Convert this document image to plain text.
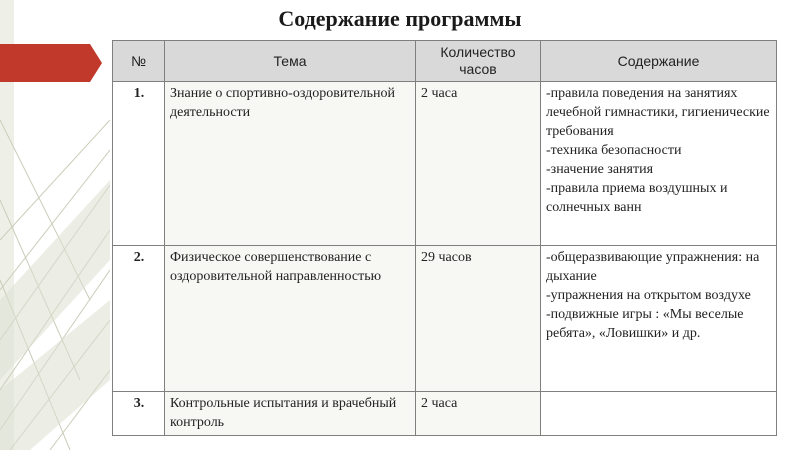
Содержание программы
№	Тема	Количество часов	Содержание
1.	Знание о спортивно-оздоровительной деятельности	2 часа	-правила поведения на занятиях лечебной гимнастики, гигиенические требования
-техника безопасности
-значение занятия
-правила приема воздушных и солнечных ванн

2.	Физическое совершенствование с оздоровительной направленностью	29 часов	-общеразвивающие упражнения: на дыхание
-упражнения на открытом воздухе
-подвижные игры : «Мы веселые ребята», «Ловишки» и др.

3.	Контрольные испытания и врачебный контроль	2 часа	
